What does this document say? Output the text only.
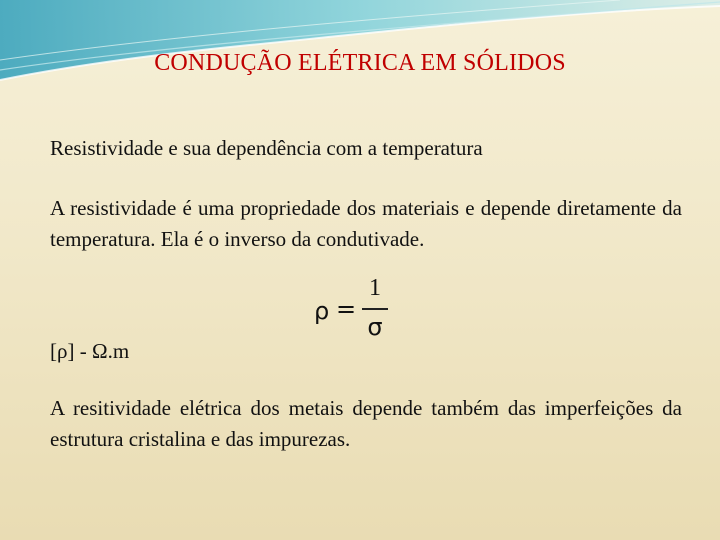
CONDUÇÃO ELÉTRICA EM SÓLIDOS
Resistividade e sua dependência com a temperatura
A resistividade é uma propriedade dos materiais e depende diretamente da temperatura. Ela é o inverso da condutivade.
ρ =
1
σ
[ρ] - Ω.m
A resitividade elétrica dos metais depende também das imperfeições da estrutura cristalina e das impurezas.
